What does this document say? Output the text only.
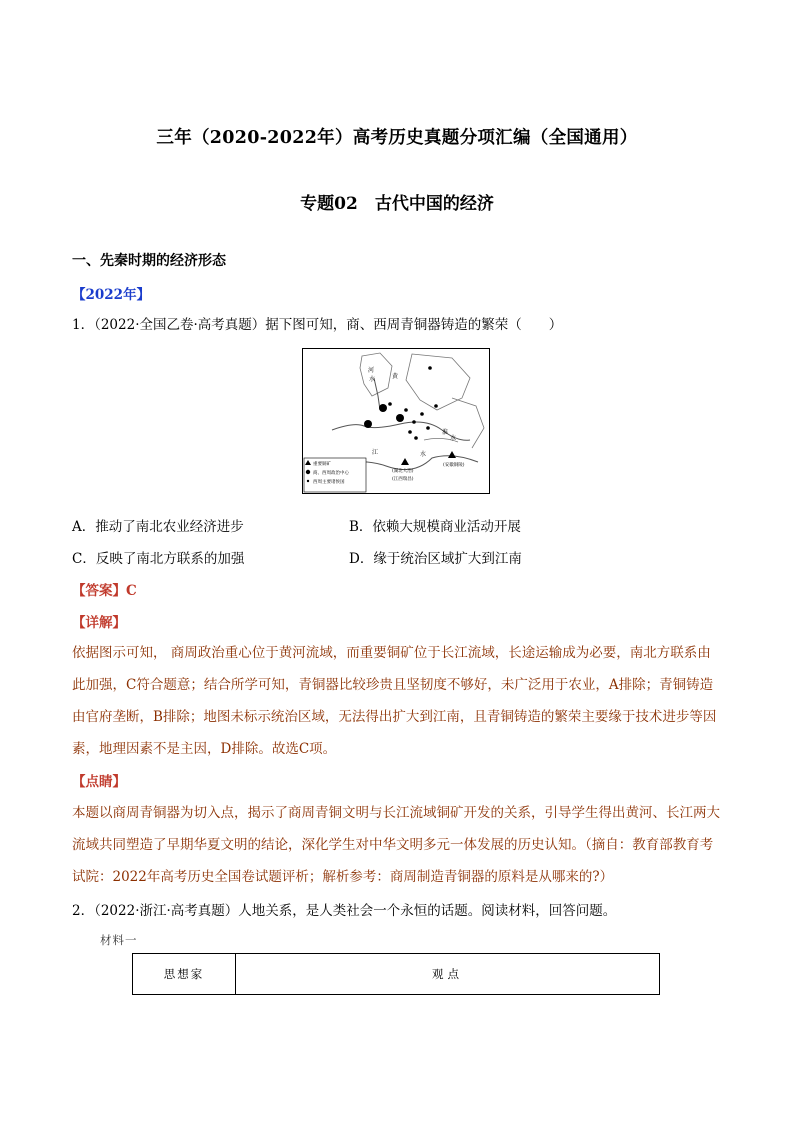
三年（2020-2022年）高考历史真题分项汇编（全国通用）
专题02　古代中国的经济
一、先秦时期的经济形态
【2022年】
1．（2022·全国乙卷·高考真题）据下图可知，商、西周青铜器铸造的繁荣（　　）
河
水	黄
淮
水
江	水
重要铜矿
商、西周政治中心
西周主要诸侯国
(湖北大冶)
(江西瑞昌)
(安徽铜陵)
A．推动了南北农业经济进步	B．依赖大规模商业活动开展
C．反映了南北方联系的加强	D．缘于统治区域扩大到江南
【答案】C
【详解】
依据图示可知， 商周政治重心位于黄河流域，而重要铜矿位于长江流域，长途运输成为必要，南北方联系由此加强，C符合题意；结合所学可知，青铜器比较珍贵且坚韧度不够好，未广泛用于农业，A排除；青铜铸造由官府垄断，B排除；地图未标示统治区域，无法得出扩大到江南，且青铜铸造的繁荣主要缘于技术进步等因素，地理因素不是主因，D排除。故选C项。
【点睛】
本题以商周青铜器为切入点，揭示了商周青铜文明与长江流域铜矿开发的关系，引导学生得出黄河、长江两大流域共同塑造了早期华夏文明的结论，深化学生对中华文明多元一体发展的历史认知。（摘自：教育部教育考试院：2022年高考历史全国卷试题评析；解析参考：商周制造青铜器的原料是从哪来的?）
2．（2022·浙江·高考真题）人地关系，是人类社会一个永恒的话题。阅读材料，回答问题。
材料一
思想家	观点
